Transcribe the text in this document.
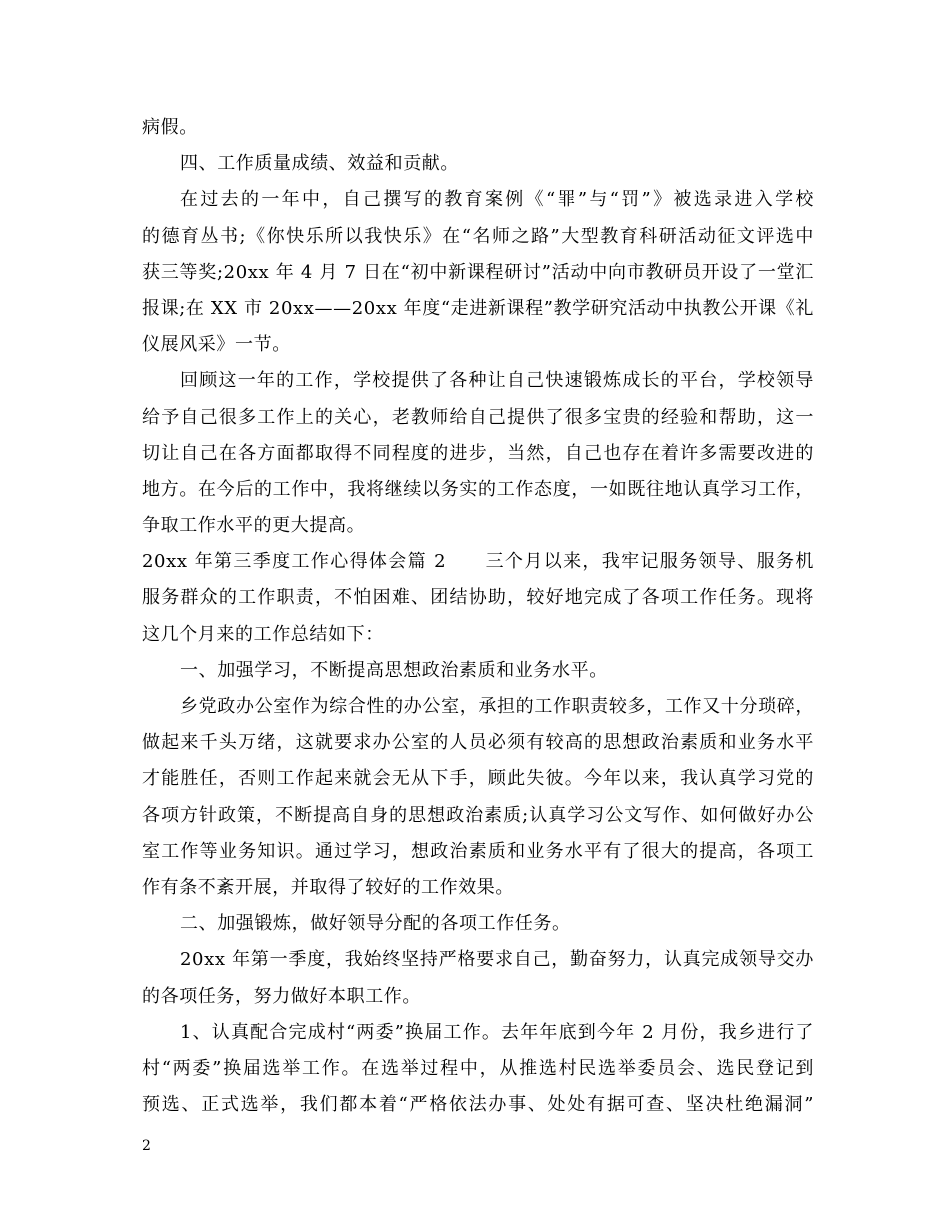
病假。
四、工作质量成绩、效益和贡献。
在过去的一年中，自己撰写的教育案例《“罪”与“罚”》被选录进入学校
的德育丛书;《你快乐所以我快乐》在“名师之路”大型教育科研活动征文评选中
获三等奖;20xx 年 4 月 7 日在“初中新课程研讨”活动中向市教研员开设了一堂汇
报课;在 XX 市 20xx——20xx 年度“走进新课程”教学研究活动中执教公开课《礼
仪展风采》一节。
回顾这一年的工作，学校提供了各种让自己快速锻炼成长的平台，学校领导
给予自己很多工作上的关心，老教师给自己提供了很多宝贵的经验和帮助，这一
切让自己在各方面都取得不同程度的进步，当然，自己也存在着许多需要改进的
地方。在今后的工作中，我将继续以务实的工作态度，一如既往地认真学习工作，
争取工作水平的更大提高。
20xx 年第三季度工作心得体会篇 2　　三个月以来，我牢记服务领导、服务机
服务群众的工作职责，不怕困难、团结协助，较好地完成了各项工作任务。现将
这几个月来的工作总结如下：
一、加强学习，不断提高思想政治素质和业务水平。
乡党政办公室作为综合性的办公室，承担的工作职责较多，工作又十分琐碎，
做起来千头万绪，这就要求办公室的人员必须有较高的思想政治素质和业务水平
才能胜任，否则工作起来就会无从下手，顾此失彼。今年以来，我认真学习党的
各项方针政策，不断提高自身的思想政治素质;认真学习公文写作、如何做好办公
室工作等业务知识。通过学习，想政治素质和业务水平有了很大的提高，各项工
作有条不紊开展，并取得了较好的工作效果。
二、加强锻炼，做好领导分配的各项工作任务。
20xx 年第一季度，我始终坚持严格要求自己，勤奋努力，认真完成领导交办
的各项任务，努力做好本职工作。
1、认真配合完成村“两委”换届工作。去年年底到今年 2 月份，我乡进行了
村“两委”换届选举工作。在选举过程中，从推选村民选举委员会、选民登记到
预选、正式选举，我们都本着“严格依法办事、处处有据可查、坚决杜绝漏洞”
2
